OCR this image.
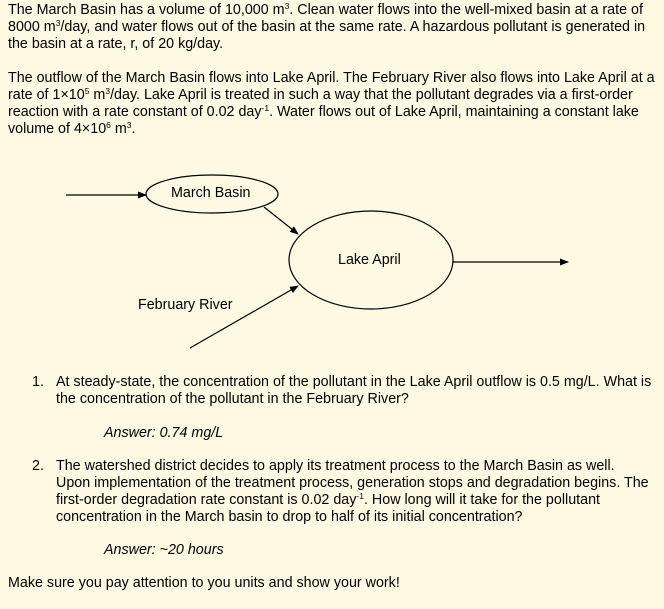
The March Basin has a volume of 10,000 $m^3$. Clean water flows into the well-mixed basin at a rate of 8000 $m^3$/day, and water flows out of the basin at the same rate. A hazardous pollutant is generated in the basin at a rate, r, of 20 kg/day.

The outflow of the March Basin flows into Lake April. The February River also flows into Lake April at a rate of $1\times 10^5$ $m^3$/day. Lake April is treated in such a way that the pollutant degrades via a first-order reaction with a rate constant of 0.02 day$^{-1}$. Water flows out of Lake April, maintaining a constant lake volume of $4\times 10^6$ $m^3$.

March Basin
Lake April
February River
1. At steady-state, the concentration of the pollutant in the Lake April outflow is 0.5 mg/L. What is the concentration of the pollutant in the February River?
Answer: 0.74 mg/L
2. The watershed district decides to apply its treatment process to the March Basin as well. Upon implementation of the treatment process, generation stops and degradation begins. The first-order degradation rate constant is 0.02 day$^{-1}$. How long will it take for the pollutant concentration in the March basin to drop to half of its initial concentration?
Answer: ~20 hours
Make sure you pay attention to you units and show your work!
